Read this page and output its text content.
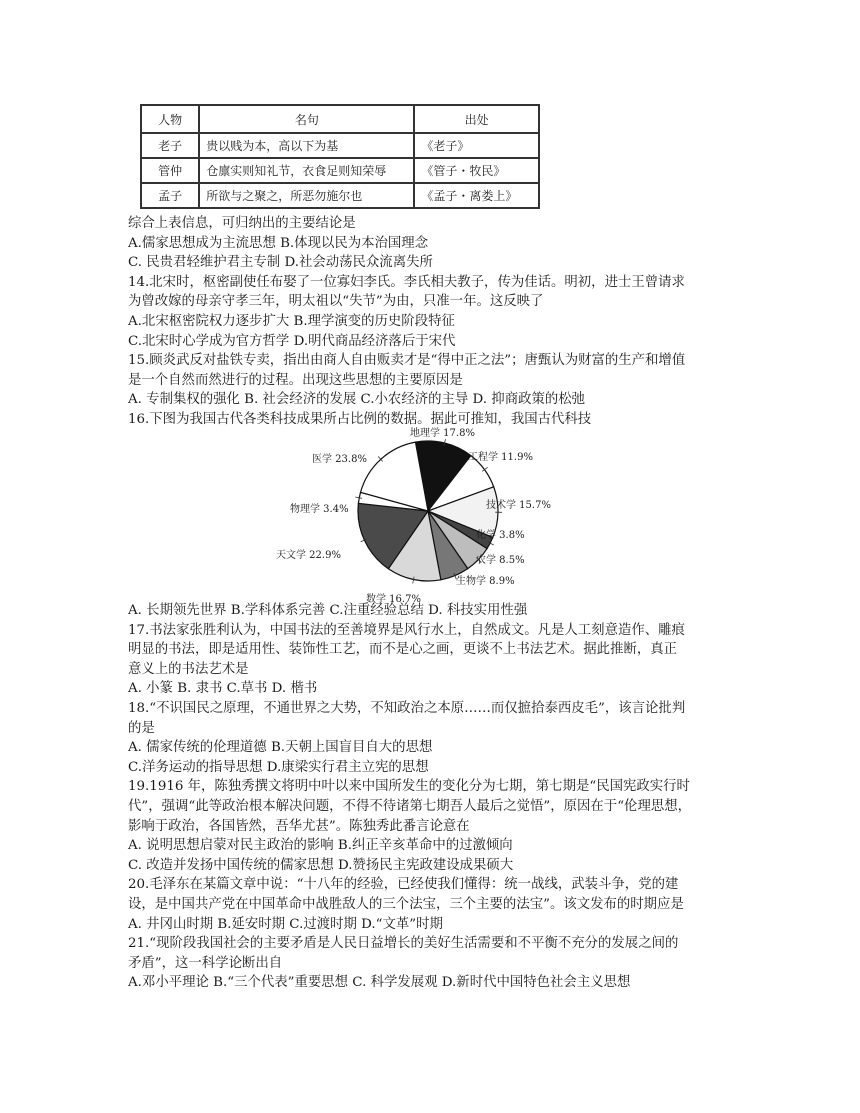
人物	名句	出处
老子	贵以贱为本，高以下为基	《老子》
管仲	仓廪实则知礼节，衣食足则知荣辱	《管子・牧民》
孟子	所欲与之聚之，所恶勿施尔也	《孟子・离娄上》
综合上表信息，可归纳出的主要结论是
A.儒家思想成为主流思想 B.体现以民为本治国理念
C. 民贵君轻维护君主专制 D.社会动荡民众流离失所
14.北宋时，枢密副使任布娶了一位寡妇李氏。李氏相夫教子，传为佳话。明初，进士王曾请求
为曾改嫁的母亲守孝三年，明太祖以“失节”为由，只准一年。这反映了
A.北宋枢密院权力逐步扩大 B.理学演变的历史阶段特征
C.北宋时心学成为官方哲学 D.明代商品经济落后于宋代
15.顾炎武反对盐铁专卖，指出由商人自由贩卖才是“得中正之法”；唐甄认为财富的生产和增值
是一个自然而然进行的过程。出现这些思想的主要原因是
A. 专制集权的强化 B. 社会经济的发展 C.小农经济的主导 D. 抑商政策的松弛
16.下图为我国古代各类科技成果所占比例的数据。据此可推知，我国古代科技
地理学 17.8%
工程学 11.9%
技术学 15.7%
化学 3.8%
农学 8.5%
生物学 8.9%
数学 16.7%
天文学 22.9%
物理学 3.4%
医学 23.8%
A. 长期领先世界 B.学科体系完善 C.注重经验总结 D. 科技实用性强
17.书法家张胜利认为，中国书法的至善境界是风行水上，自然成文。凡是人工刻意造作、雕痕
明显的书法，即是适用性、装饰性工艺，而不是心之画，更谈不上书法艺术。据此推断，真正
意义上的书法艺术是
A. 小篆 B. 隶书 C.草书 D. 楷书
18.“不识国民之原理，不通世界之大势，不知政治之本原……而仅摭拾泰西皮毛”，该言论批判
的是
A. 儒家传统的伦理道德 B.天朝上国盲目自大的思想
C.洋务运动的指导思想 D.康梁实行君主立宪的思想
19.1916 年，陈独秀撰文将明中叶以来中国所发生的变化分为七期，第七期是“民国宪政实行时
代”，强调“此等政治根本解决问题，不得不待诸第七期吾人最后之觉悟”，原因在于“伦理思想，
影响于政治，各国皆然，吾华尤甚”。陈独秀此番言论意在
A. 说明思想启蒙对民主政治的影响 B.纠正辛亥革命中的过激倾向
C. 改造并发扬中国传统的儒家思想 D.赞扬民主宪政建设成果硕大
20.毛泽东在某篇文章中说：“十八年的经验，已经使我们懂得：统一战线，武装斗争，党的建
设，是中国共产党在中国革命中战胜敌人的三个法宝，三个主要的法宝”。该文发布的时期应是
A. 井冈山时期 B.延安时期 C.过渡时期 D.“文革”时期
21.“现阶段我国社会的主要矛盾是人民日益增长的美好生活需要和不平衡不充分的发展之间的
矛盾”，这一科学论断出自
A.邓小平理论 B.“三个代表”重要思想 C. 科学发展观 D.新时代中国特色社会主义思想
